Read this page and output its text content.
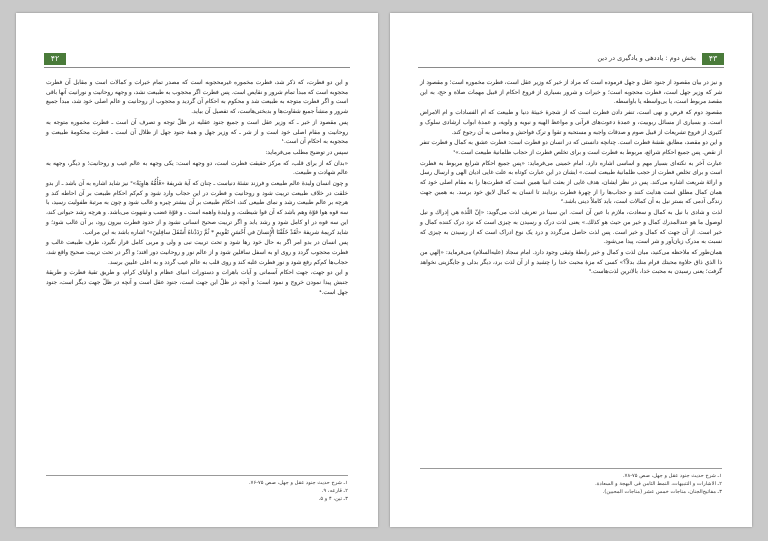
۴۲

و این دو فطرت، که ذکر شد، فطرت مخموره غیرمحجوبه است که مصدر تمام خیرات و کمالات است و مقابل آن فطرت محجوبه است که مبدأ تمام شرور و نقایص است. پس فطرت اگر محجوب به طبیعت نشد، و وجهه روحانیت و نورانیت آنها باقی است و اگر فطرت متوجه به طبیعت شد و محکوم به احکام آن گردید و محجوب از روحانیت و عالم اصلی خود شد، مبدأ جمیع شرور و منشأ جمیع شقاوت‌ها و بدبختی‌هاست، که تفصیل آن بیاید.

پس مقصود از خیر ـ که وزیر عقل است و جمیع جنود عقلیه در ظلّ توجه و تصرف آن است ـ فطرت مخموره متوجه به روحانیت و مقام اصلی خود است و از شر ـ که وزیر جهل و همهٔ جنود جهل از ظلال آن است ـ فطرت محکومهٔ طبیعت و محجوبه به احکام آن است.¹

سپس در توضیح مطلب می‌فرماید:

«بدان که از برای قلب، که مرکز حقیقت فطرت است، دو وجهه است: یکی وجهه به عالم غیب و روحانیت؛ و دیگر، وجهه به عالم شهادت و طبیعت.

و چون انسان ولیدهٔ عالم طبیعت و فرزند نشئهٔ دنیاست ـ چنان که آیهٔ شریفهٔ «فَأُمُّهُ هاوِيَةٌ»² نیز شاید اشاره به آن باشد ـ از بدو خلقت در خلاف طبیعت تربیت شود و روحانیت و فطرت در این حجاب وارد شود و کم‌کم احکام طبیعت بر آن احاطه کند و هرچه بر عالم طبیعت رشد و نمای طبیعی کند، احکام طبیعت بر آن بیشتر چیره و غالب شود و چون به مرتبهٔ طفولیت رسید، با سه قوه هوا قوّهٔ وهم باشد که آن قوا شیطنت، و ولیدهٔ واهمه است ـ و قوّهٔ غضب و شهوت می‌باشد. و هرچه رشد حیوانی کند، این سه قوه در او کامل شود و رشد یابد و اگر تربیت صحیح انسانی نشود و از حدود فطرت بیرون رود، بر آن غالب شود؛ و شاید کریمهٔ شریفهٔ «لَقَدْ خَلَقْنَا الْإِنسانَ في أَحْسَنِ تَقْويمٍ * ثُمَّ رَدَدْناهُ أَسْفَلَ سافِلينَ»³ اشاره باشد به این مراتب.

پس انسان در بدو امر اگر به حال خود رها شود و تحت تربیت نبی و ولی و مربی کامل قرار نگیرد، طرف طبیعت غالب و فطرت محجوب گردد و روی او به اسفل سافلین شود و از عالم نور و روحانیت دور افتد؛ و اگر در تحت تربیت صحیح واقع شد، حجاب‌ها کم‌کم رفع شود و نور فطرت غلبه کند و روی قلب به عالم غیب گردد و به اعلی علیین برسد.

و این دو جهت، جهت احکام آسمانی و آیات باهرات و دستورات انبیای عظام و اولیای کرام، و طریق تقیهٔ فطرت و طریقهٔ جنبش پیدا نمودن خروج و نمود است؛ و آنچه در ظلّ این جهت است، جنود عقل است و آنچه در ظلّ جهت دیگر است، جنود جهل است.⁴

۱ـ شرح حدیث جنود عقل و جهل، صص ۷۵-۷۶.
۲ـ قارعه، ۹.
۳ـ تین، ۴ و ۵.
بخش دوم : یاددهی و یادگیری در دین	۴۳

و نیز در بیان مقصود از جنود عقل و جهل فرموده است که مراد از خیر که وزیر عقل است، فطرت مخموره است؛ و مقصود از شر که وزیر جهل است، فطرت محجوبه است؛ و خیرات و شرور بسیاری از فروع احکام از قبیل مهمات صلاة و حج، به این مقصد مربوط است، یا بی‌واسطه یا باواسطه.

مقصود دوم که فرض و نهی است، تنفر دادن فطرت است که از شجرهٔ خبیثهٔ دنیا و طبیعت که ام الفسادات و ام الامراض است. و بسیاری از مسائل ربوبیت، و عمدهٔ دعوت‌های قرآنی و مواعظ الهیه و نبویه و ولویه، و عمدهٔ ابواب ارشادی سلوک و کثیری از فروع تشریعات از قبیل صوم و صدقات واجبه و مستحبه و تقوا و ترک فواحش و معاصی به آن رجوع کند.

و این دو مقصد، مطابق نقشهٔ فطرت است. چنانچه دانستی که در انسان دو فطرت است: فطرت عشق به کمال و فطرت تنفر از نقص. پس جمیع احکام شرائع، مربوط به فطرت است و برای تخلص فطرت از حجاب ظلمانیهٔ طبیعت است.»¹

عبارت آخر به نکته‌ای بسیار مهم و اساسی اشاره دارد. امام خمینی می‌فرماید: «پس جمیع احکام شرایع مربوط به فطرت است و برای تخلص فطرت از حجب ظلمانیهٔ طبیعت است.» ایشان در این عبارت کوتاه به علت غایی ادیان الهی و ارسال رسل و ارائهٔ شریعت اشاره می‌کند. پس در نظر ایشان، هدف غایی از بعثت انبیا همین است که فطرت‌ها را به مقام اصلی خود که همان کمال مطلق است هدایت کنند و حجاب‌ها را از چهرهٔ فطرت بزدایند تا انسان به کمال لایق خود برسد. به همین جهت زندگی آدمی که بستر نیل به آن کمالات است، باید کاملاً دینی باشد.²

لذت و شادی با نیل به کمال و سعادت، ملازم با عین آن است. ابن سینا در تعریف لذت می‌گوید: «إنّ اللّذة هي إدراك و نيل لوصول ما هو عندالمدرك كمال و خير من حيث هو كذلك.» یعنی لذت درک و رسیدن به چیزی است که نزد درک کننده کمال و خیر است. از آن جهت که کمال و خیر است. پس لذت حاصل می‌گردد و درد یک نوع ادراک است که از رسیدن به چیزی که نسبت به مدرک زیان‌آور و شر است، پیدا می‌شود.

همان‌طور که ملاحظه می‌کنید، میان لذت و کمال و خیر رابطهٔ وثیقی وجود دارد. امام سجاد (علیه‌السلام) می‌فرماید: «إلهي من ذا الذي ذاق حلاوة محبتك فرام منك بدلاً؟» کسی که مزهٔ محبت خدا را چشید و از آن لذت برد، دیگر بدلی و جایگزینی نخواهد گرفت؛ یعنی رسیدن به محبت خدا، بالاترین لذت‌هاست.³

۱ـ شرح حدیث جنود عقل و جهل، صص ۷۵-۷۸.
۲ـ الاشارات و التنبیهات، النمط الثامن فی البهجة و السعادة.
۳ـ مفاتیح‌الجنان، مناجات خمس عشر (مناجات المحبین).
